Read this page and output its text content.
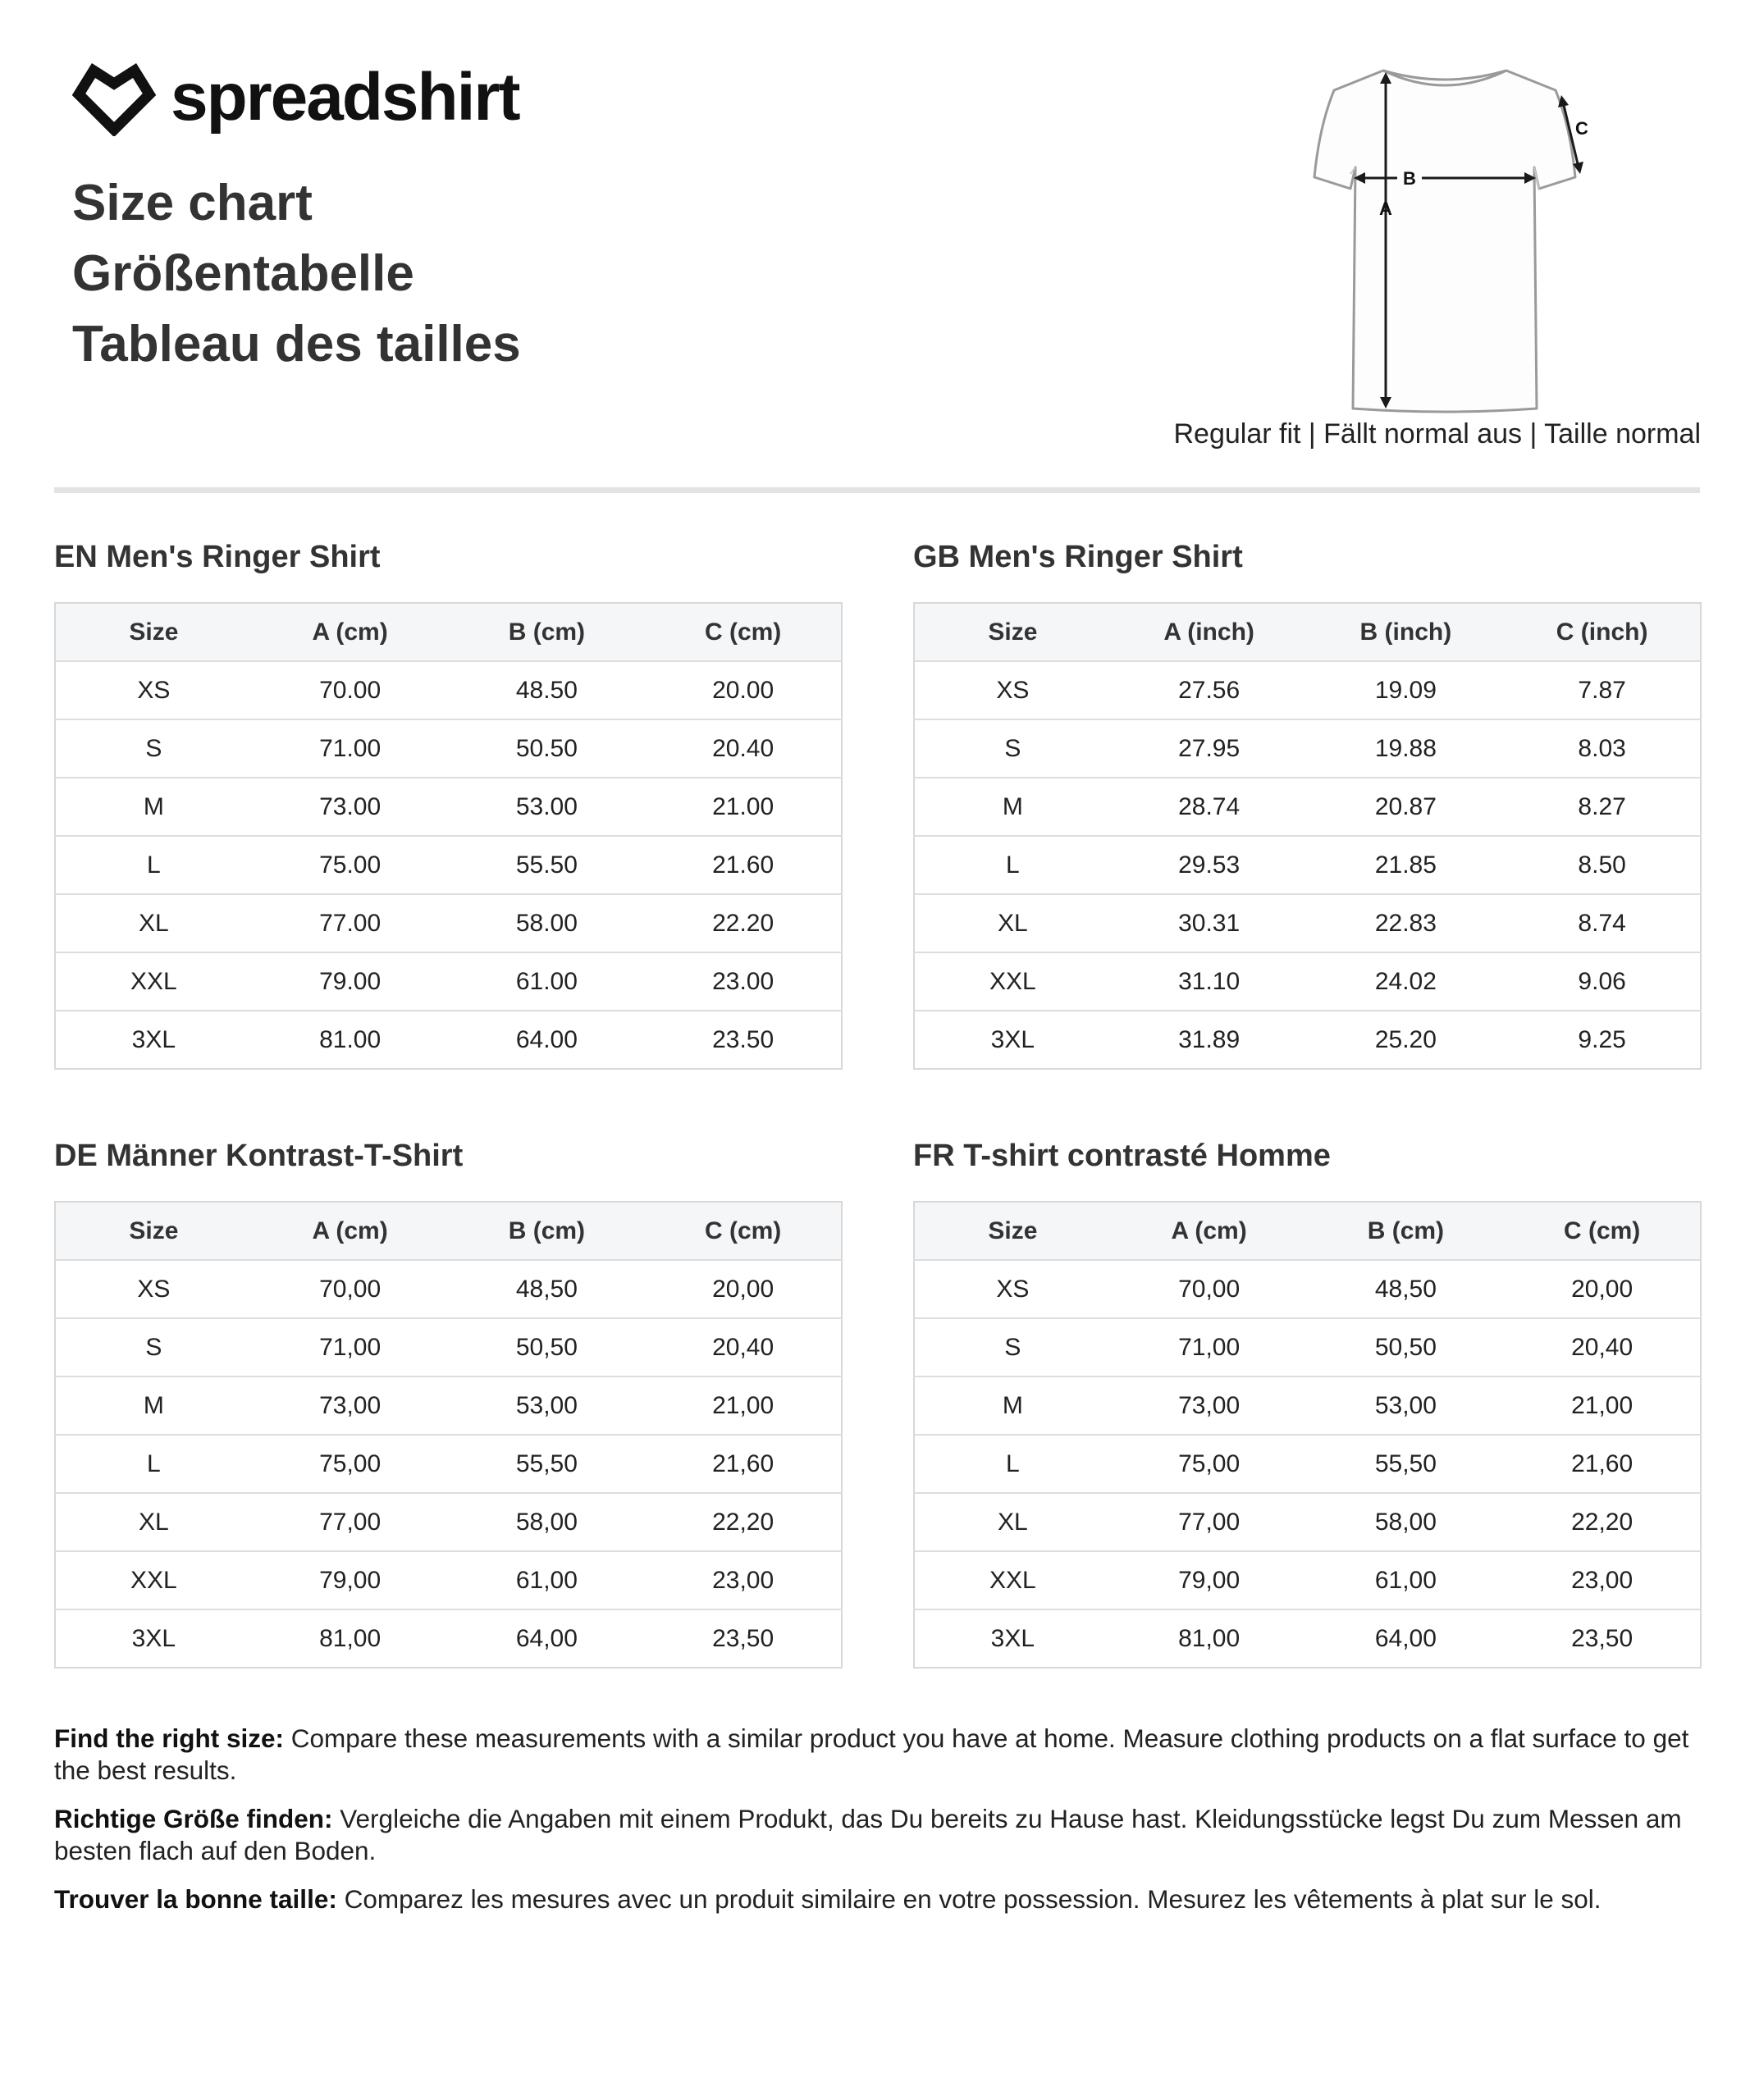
spreadshirt
Size chart
Größentabelle
Tableau des tailles
A
B
C
Regular fit | Fällt normal aus | Taille normal
EN Men's Ringer Shirt
Size	A (cm)	B (cm)	C (cm)
XS	70.00	48.50	20.00
S	71.00	50.50	20.40
M	73.00	53.00	21.00
L	75.00	55.50	21.60
XL	77.00	58.00	22.20
XXL	79.00	61.00	23.00
3XL	81.00	64.00	23.50
GB Men's Ringer Shirt
Size	A (inch)	B (inch)	C (inch)
XS	27.56	19.09	7.87
S	27.95	19.88	8.03
M	28.74	20.87	8.27
L	29.53	21.85	8.50
XL	30.31	22.83	8.74
XXL	31.10	24.02	9.06
3XL	31.89	25.20	9.25
DE Männer Kontrast-T-Shirt
Size	A (cm)	B (cm)	C (cm)
XS	70,00	48,50	20,00
S	71,00	50,50	20,40
M	73,00	53,00	21,00
L	75,00	55,50	21,60
XL	77,00	58,00	22,20
XXL	79,00	61,00	23,00
3XL	81,00	64,00	23,50
FR T-shirt contrasté Homme
Size	A (cm)	B (cm)	C (cm)
XS	70,00	48,50	20,00
S	71,00	50,50	20,40
M	73,00	53,00	21,00
L	75,00	55,50	21,60
XL	77,00	58,00	22,20
XXL	79,00	61,00	23,00
3XL	81,00	64,00	23,50

Find the right size: Compare these measurements with a similar product you have at home. Measure clothing products on a flat surface to get the best results.

Richtige Größe finden: Vergleiche die Angaben mit einem Produkt, das Du bereits zu Hause hast. Kleidungsstücke legst Du zum Messen am besten flach auf den Boden.

Trouver la bonne taille: Comparez les mesures avec un produit similaire en votre possession. Mesurez les vêtements à plat sur le sol.
